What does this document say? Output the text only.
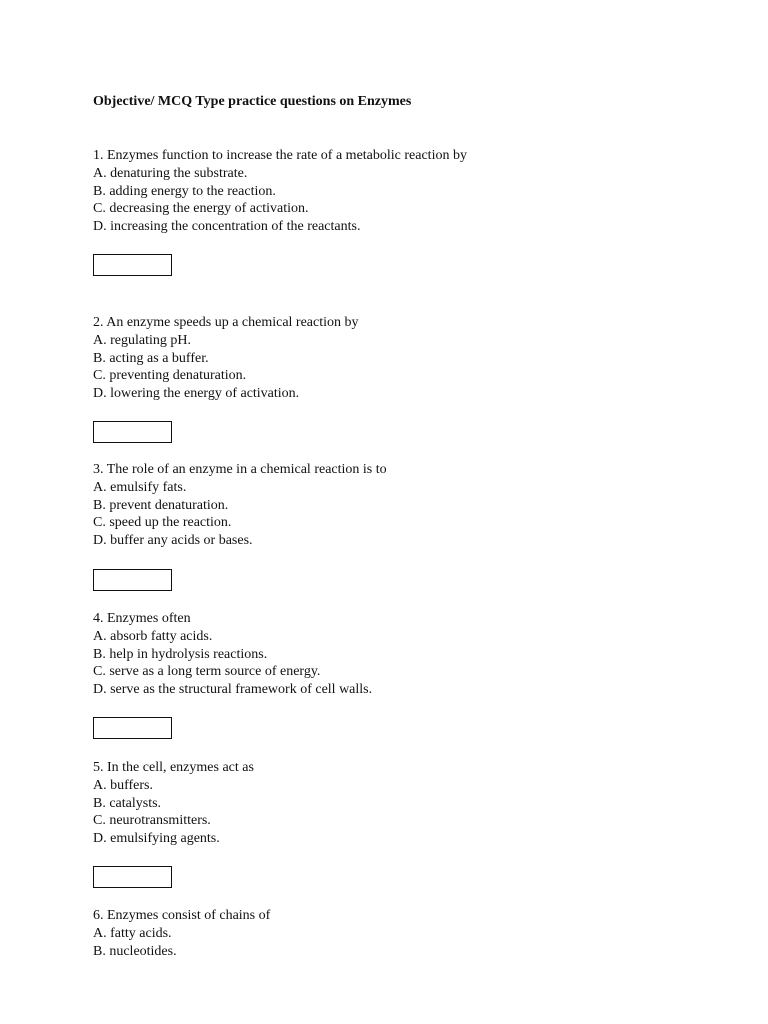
Objective/ MCQ Type practice questions on Enzymes
1. Enzymes function to increase the rate of a metabolic reaction by
A. denaturing the substrate.
B. adding energy to the reaction.
C. decreasing the energy of activation.
D. increasing the concentration of the reactants.
2. An enzyme speeds up a chemical reaction by
A. regulating pH.
B. acting as a buffer.
C. preventing denaturation.
D. lowering the energy of activation.
3. The role of an enzyme in a chemical reaction is to
A. emulsify fats.
B. prevent denaturation.
C. speed up the reaction.
D. buffer any acids or bases.
4. Enzymes often
A. absorb fatty acids.
B. help in hydrolysis reactions.
C. serve as a long term source of energy.
D. serve as the structural framework of cell walls.
5. In the cell, enzymes act as
A. buffers.
B. catalysts.
C. neurotransmitters.
D. emulsifying agents.
6. Enzymes consist of chains of
A. fatty acids.
B. nucleotides.
